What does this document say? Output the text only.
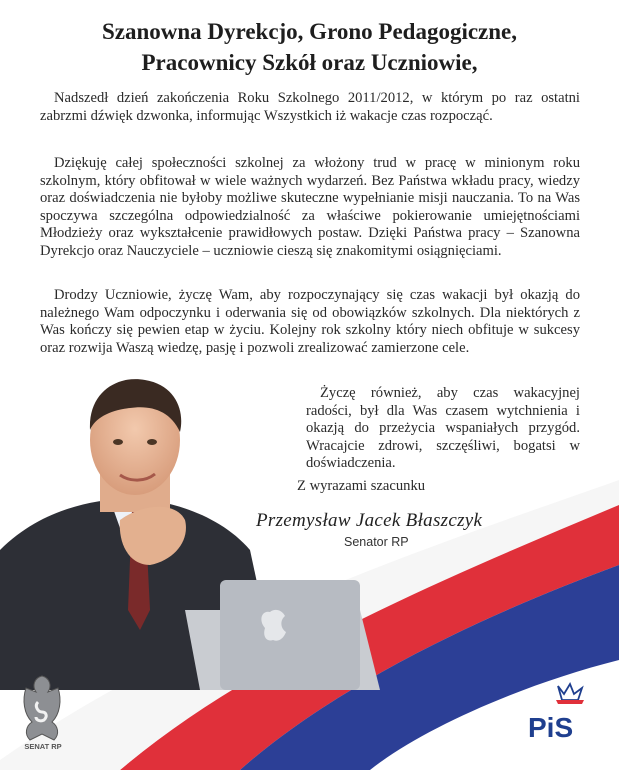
Szanowna Dyrekcjo, Grono Pedagogiczne,
Pracownicy Szkół oraz Uczniowie,

Nadszedł dzień zakończenia Roku Szkolnego 2011/2012, w którym po raz ostatni zabrzmi dźwięk dzwonka, informując Wszystkich iż wakacje czas rozpocząć.

Dziękuję całej społeczności szkolnej za włożony trud w pracę w minionym roku szkolnym, który obfitował w wiele ważnych wydarzeń. Bez Państwa wkładu pracy, wiedzy oraz doświadczenia nie byłoby możliwe skuteczne wypełnianie misji nauczania. To na Was spoczywa szczególna odpowiedzialność za właściwe pokierowanie umiejętnościami Młodzieży oraz wykształcenie prawidłowych postaw. Dzięki Państwa pracy – Szanowna Dyrekcjo oraz Nauczyciele – uczniowie cieszą się znakomitymi osiągnięciami.

Drodzy Uczniowie, życzę Wam, aby rozpoczynający się czas wakacji był okazją do należnego Wam odpoczynku i oderwania się od obowiązków szkolnych. Dla niektórych z Was kończy się pewien etap w życiu. Kolejny rok szkolny który niech obfituje w sukcesy oraz rozwija Waszą wiedzę, pasję i pozwoli zrealizować zamierzone cele.

Życzę również, aby czas wakacyjnej radości, był dla Was czasem wytchnienia i okazją do przeżycia wspaniałych przygód. Wracajcie zdrowi, szczęśliwi, bogatsi w doświadczenia.

Z wyrazami szacunku
Przemysław Jacek Błaszczyk
Senator RP
SENAT RP
PiS
